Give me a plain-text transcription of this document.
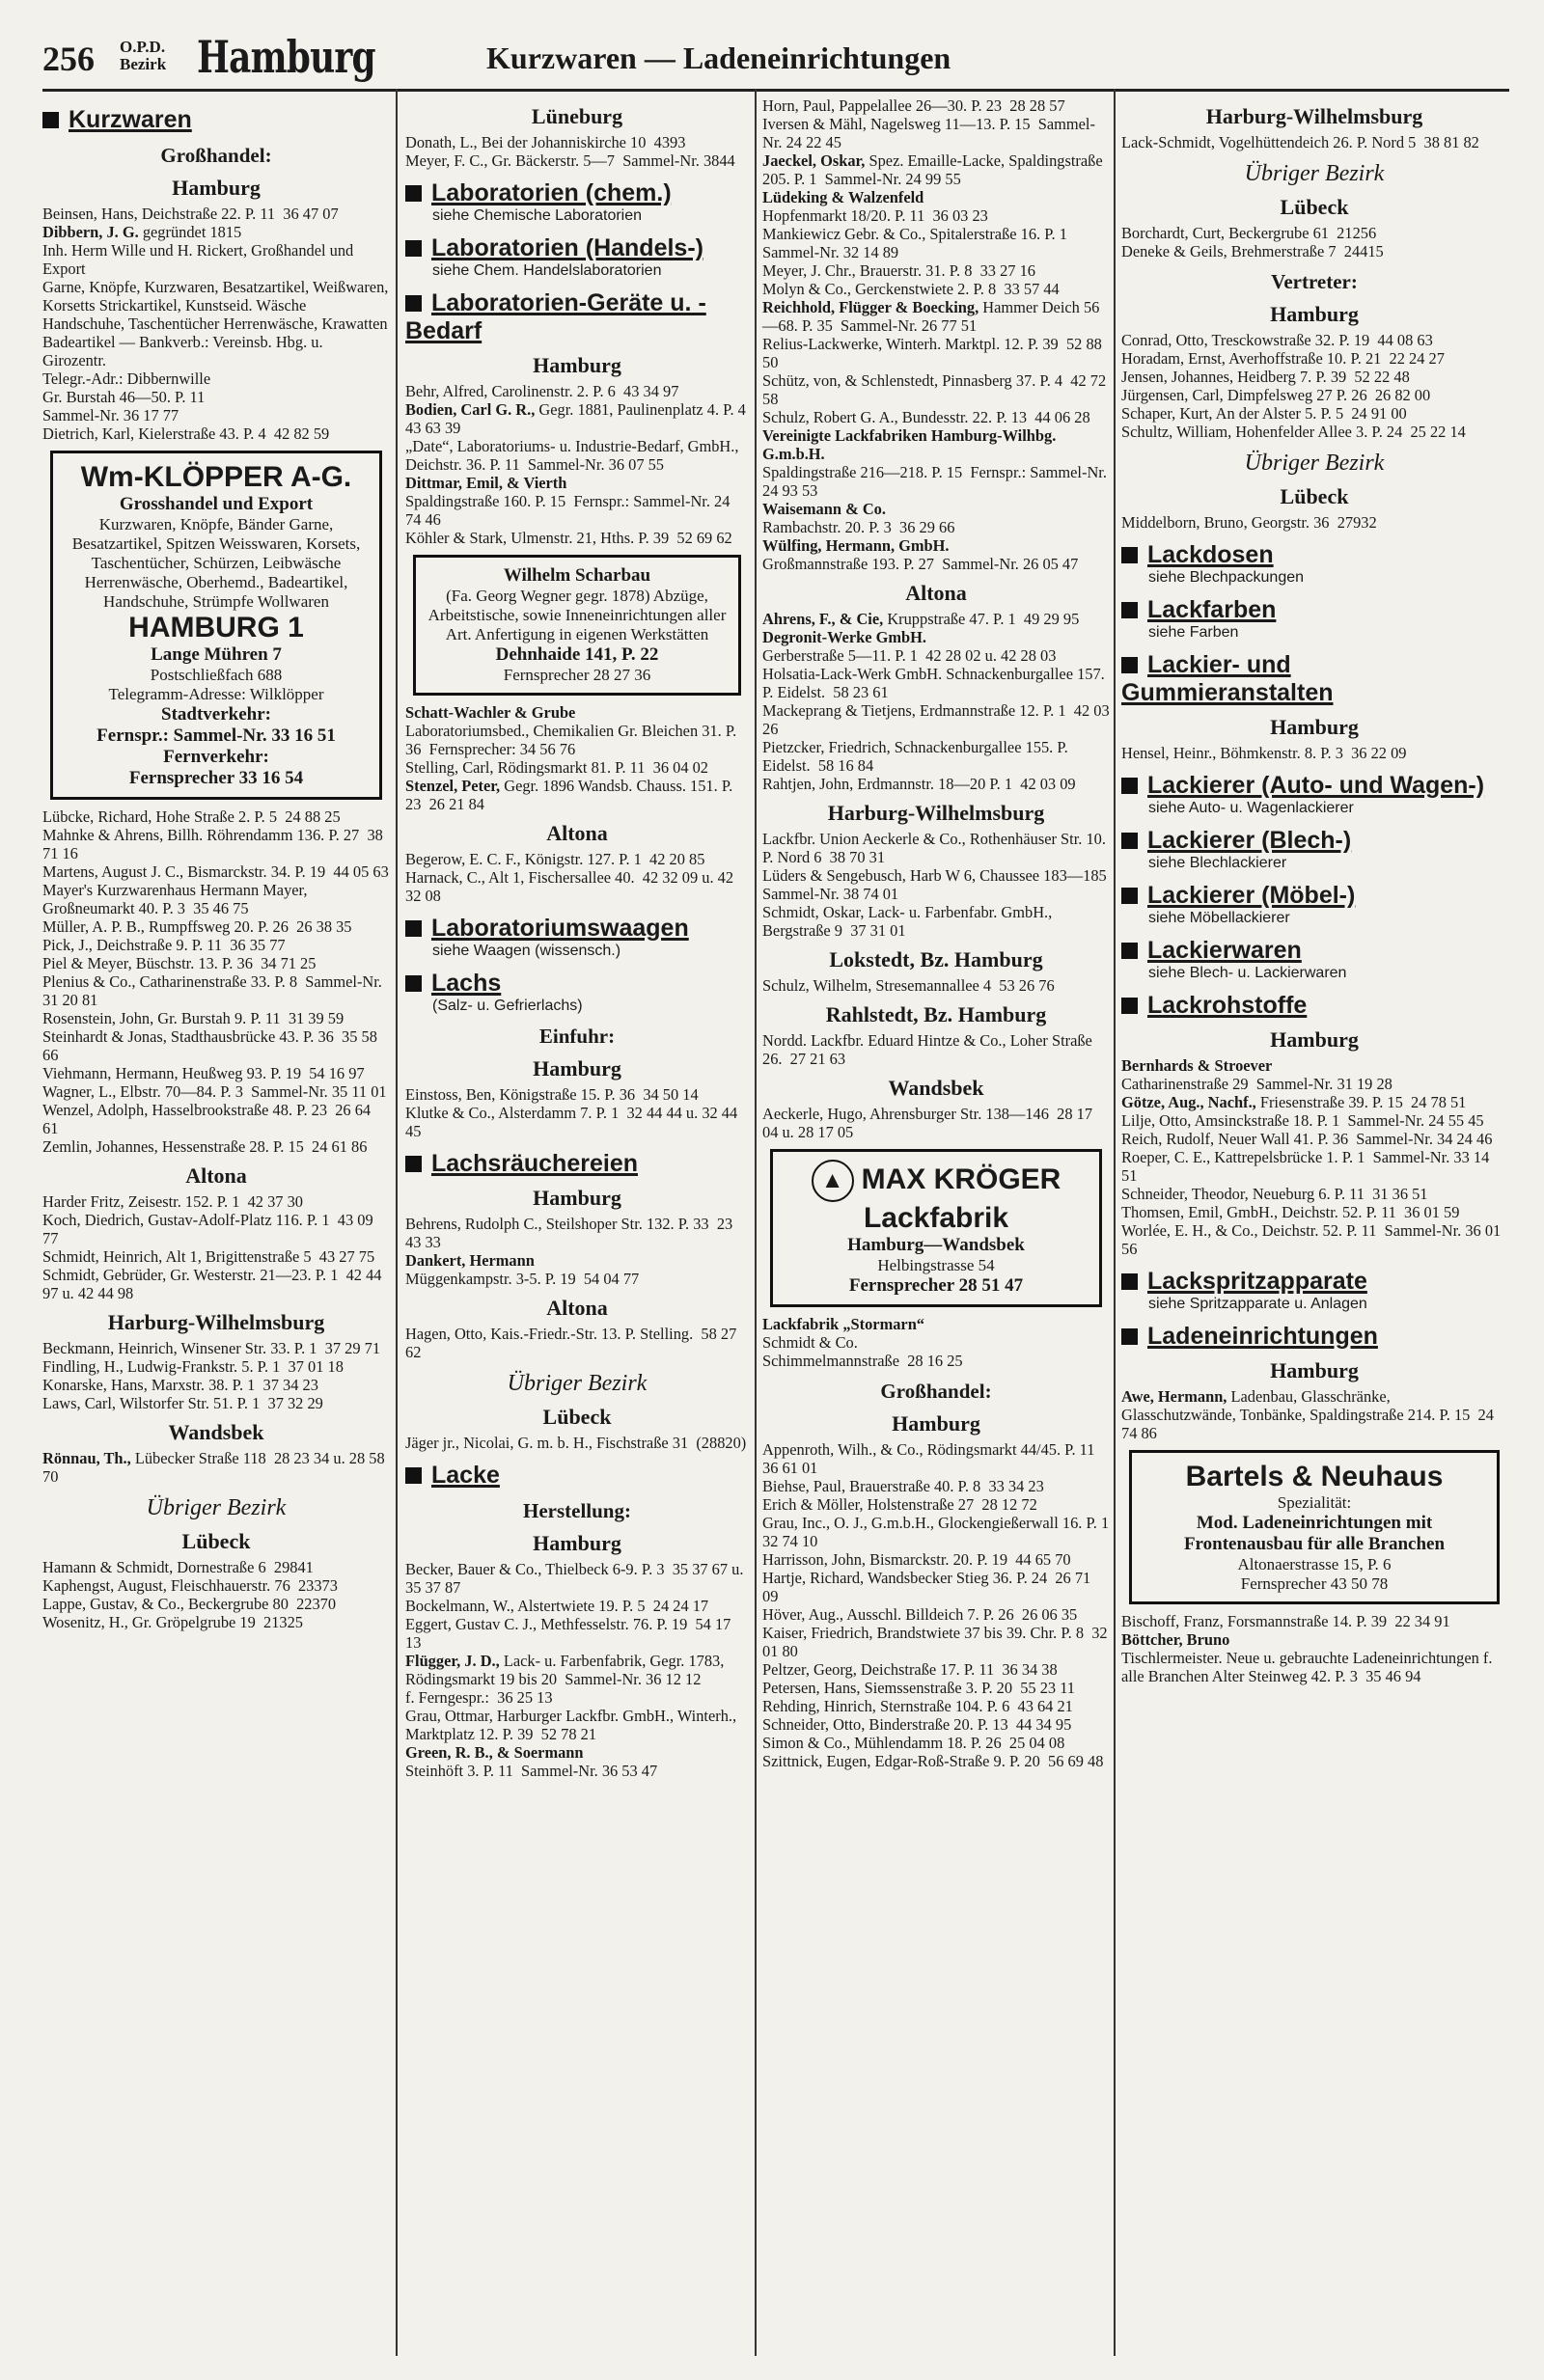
256 O.P.D.
Bezirk Hamburg	Kurzwaren — Ladeneinrichtungen
Kurzwaren
Großhandel:
Hamburg
Beinsen, Hans, Deichstraße 22. P. 11  36 47 07
Dibbern, J. G. gegründet 1815
Inh. Herm Wille und H. Rickert, Großhandel und Export
Garne, Knöpfe, Kurzwaren, Besatzartikel, Weißwaren, Korsetts Strickartikel, Kunstseid. Wäsche Handschuhe, Taschentücher Herrenwäsche, Krawatten Badeartikel — Bankverb.: Vereinsb. Hbg. u. Girozentr.
Telegr.-Adr.: Dibbernwille
Gr. Burstah 46—50. P. 11
Sammel-Nr. 36 17 77
Dietrich, Karl, Kielerstraße 43. P. 4  42 82 59
Wm-KLÖPPER A-G.
Grosshandel und Export
Kurzwaren, Knöpfe, Bänder Garne, Besatzartikel, Spitzen Weisswaren, Korsets, Taschentücher, Schürzen, Leibwäsche Herrenwäsche, Oberhemd., Badeartikel, Handschuhe, Strümpfe Wollwaren
HAMBURG 1
Lange Mühren 7
Postschließfach 688
Telegramm-Adresse: Wilklöpper
Stadtverkehr:
Fernspr.: Sammel-Nr. 33 16 51
Fernverkehr:
Fernsprecher 33 16 54
Lübcke, Richard, Hohe Straße 2. P. 5  24 88 25
Mahnke & Ahrens, Billh. Röhrendamm 136. P. 27  38 71 16
Martens, August J. C., Bismarckstr. 34. P. 19  44 05 63
Mayer's Kurzwarenhaus Hermann Mayer, Großneumarkt 40. P. 3  35 46 75
Müller, A. P. B., Rumpffsweg 20. P. 26  26 38 35
Pick, J., Deichstraße 9. P. 11  36 35 77
Piel & Meyer, Büschstr. 13. P. 36  34 71 25
Plenius & Co., Catharinenstraße 33. P. 8  Sammel-Nr. 31 20 81
Rosenstein, John, Gr. Burstah 9. P. 11  31 39 59
Steinhardt & Jonas, Stadthausbrücke 43. P. 36  35 58 66
Viehmann, Hermann, Heußweg 93. P. 19  54 16 97
Wagner, L., Elbstr. 70—84. P. 3  Sammel-Nr. 35 11 01
Wenzel, Adolph, Hasselbrookstraße 48. P. 23  26 64 61
Zemlin, Johannes, Hessenstraße 28. P. 15  24 61 86
Altona
Harder Fritz, Zeisestr. 152. P. 1  42 37 30
Koch, Diedrich, Gustav-Adolf-Platz 116. P. 1  43 09 77
Schmidt, Heinrich, Alt 1, Brigittenstraße 5  43 27 75
Schmidt, Gebrüder, Gr. Westerstr. 21—23. P. 1  42 44 97 u. 42 44 98
Harburg-Wilhelmsburg
Beckmann, Heinrich, Winsener Str. 33. P. 1  37 29 71
Findling, H., Ludwig-Frankstr. 5. P. 1  37 01 18
Konarske, Hans, Marxstr. 38. P. 1  37 34 23
Laws, Carl, Wilstorfer Str. 51. P. 1  37 32 29
Wandsbek
Rönnau, Th., Lübecker Straße 118  28 23 34 u. 28 58 70
Übriger Bezirk
Lübeck
Hamann & Schmidt, Dornestraße 6  29841
Kaphengst, August, Fleischhauerstr. 76  23373
Lappe, Gustav, & Co., Beckergrube 80  22370
Wosenitz, H., Gr. Gröpelgrube 19  21325
Lüneburg
Donath, L., Bei der Johanniskirche 10  4393
Meyer, F. C., Gr. Bäckerstr. 5—7  Sammel-Nr. 3844
Laboratorien (chem.)
siehe Chemische Laboratorien
Laboratorien (Handels-)
siehe Chem. Handelslaboratorien
Laboratorien-Geräte u. -Bedarf
Hamburg
Behr, Alfred, Carolinenstr. 2. P. 6  43 34 97
Bodien, Carl G. R., Gegr. 1881, Paulinenplatz 4. P. 4  43 63 39
„Date“, Laboratoriums- u. Industrie-Bedarf, GmbH., Deichstr. 36. P. 11  Sammel-Nr. 36 07 55
Dittmar, Emil, & Vierth
Spaldingstraße 160. P. 15  Fernspr.: Sammel-Nr. 24 74 46
Köhler & Stark, Ulmenstr. 21, Hths. P. 39  52 69 62
Wilhelm Scharbau
(Fa. Georg Wegner gegr. 1878) Abzüge, Arbeitstische, sowie Inneneinrichtungen aller Art. Anfertigung in eigenen Werkstätten
Dehnhaide 141, P. 22
Fernsprecher 28 27 36
Schatt-Wachler & Grube
Laboratoriumsbed., Chemikalien Gr. Bleichen 31. P. 36  Fernsprecher: 34 56 76
Stelling, Carl, Rödingsmarkt 81. P. 11  36 04 02
Stenzel, Peter, Gegr. 1896 Wandsb. Chauss. 151. P. 23  26 21 84
Altona
Begerow, E. C. F., Königstr. 127. P. 1  42 20 85
Harnack, C., Alt 1, Fischersallee 40.  42 32 09 u. 42 32 08
Laboratoriumswaagen
siehe Waagen (wissensch.)
Lachs
(Salz- u. Gefrierlachs)
Einfuhr:
Hamburg
Einstoss, Ben, Königstraße 15. P. 36  34 50 14
Klutke & Co., Alsterdamm 7. P. 1  32 44 44 u. 32 44 45
Lachsräuchereien
Hamburg
Behrens, Rudolph C., Steilshoper Str. 132. P. 33  23 43 33
Dankert, Hermann
Müggenkampstr. 3-5. P. 19  54 04 77
Altona
Hagen, Otto, Kais.-Friedr.-Str. 13. P. Stelling.  58 27 62
Übriger Bezirk
Lübeck
Jäger jr., Nicolai, G. m. b. H., Fischstraße 31  (28820)
Lacke
Herstellung:
Hamburg
Becker, Bauer & Co., Thielbeck 6-9. P. 3  35 37 67 u. 35 37 87
Bockelmann, W., Alstertwiete 19. P. 5  24 24 17
Eggert, Gustav C. J., Methfesselstr. 76. P. 19  54 17 13
Flügger, J. D., Lack- u. Farbenfabrik, Gegr. 1783, Rödingsmarkt 19 bis 20  Sammel-Nr. 36 12 12
f. Ferngespr.:  36 25 13
Grau, Ottmar, Harburger Lackfbr. GmbH., Winterh., Marktplatz 12. P. 39  52 78 21
Green, R. B., & Soermann
Steinhöft 3. P. 11  Sammel-Nr. 36 53 47
Horn, Paul, Pappelallee 26—30. P. 23  28 28 57
Iversen & Mähl, Nagelsweg 11—13. P. 15  Sammel-Nr. 24 22 45
Jaeckel, Oskar, Spez. Emaille-Lacke, Spaldingstraße 205. P. 1  Sammel-Nr. 24 99 55
Lüdeking & Walzenfeld
Hopfenmarkt 18/20. P. 11  36 03 23
Mankiewicz Gebr. & Co., Spitalerstraße 16. P. 1 Sammel-Nr. 32 14 89
Meyer, J. Chr., Brauerstr. 31. P. 8  33 27 16
Molyn & Co., Gerckenstwiete 2. P. 8  33 57 44
Reichhold, Flügger & Boecking, Hammer Deich 56—68. P. 35  Sammel-Nr. 26 77 51
Relius-Lackwerke, Winterh. Marktpl. 12. P. 39  52 88 50
Schütz, von, & Schlenstedt, Pinnasberg 37. P. 4  42 72 58
Schulz, Robert G. A., Bundesstr. 22. P. 13  44 06 28
Vereinigte Lackfabriken Hamburg-Wilhbg. G.m.b.H.
Spaldingstraße 216—218. P. 15  Fernspr.: Sammel-Nr. 24 93 53
Waisemann & Co.
Rambachstr. 20. P. 3  36 29 66
Wülfing, Hermann, GmbH.
Großmannstraße 193. P. 27  Sammel-Nr. 26 05 47
Altona
Ahrens, F., & Cie, Kruppstraße 47. P. 1  49 29 95
Degronit-Werke GmbH.
Gerberstraße 5—11. P. 1  42 28 02 u. 42 28 03
Holsatia-Lack-Werk GmbH. Schnackenburgallee 157. P. Eidelst.  58 23 61
Mackeprang & Tietjens, Erdmannstraße 12. P. 1  42 03 26
Pietzcker, Friedrich, Schnackenburgallee 155. P. Eidelst.  58 16 84
Rahtjen, John, Erdmannstr. 18—20 P. 1  42 03 09
Harburg-Wilhelmsburg
Lackfbr. Union Aeckerle & Co., Rothenhäuser Str. 10. P. Nord 6  38 70 31
Lüders & Sengebusch, Harb W 6, Chaussee 183—185  Sammel-Nr. 38 74 01
Schmidt, Oskar, Lack- u. Farbenfabr. GmbH., Bergstraße 9  37 31 01
Lokstedt, Bz. Hamburg
Schulz, Wilhelm, Stresemannallee 4  53 26 76
Rahlstedt, Bz. Hamburg
Nordd. Lackfbr. Eduard Hintze & Co., Loher Straße 26.  27 21 63
Wandsbek
Aeckerle, Hugo, Ahrensburger Str. 138—146  28 17 04 u. 28 17 05
▲ MAX KRÖGER
Lackfabrik
Hamburg—Wandsbek
Helbingstrasse 54
Fernsprecher 28 51 47
Lackfabrik „Stormarn“
Schmidt & Co.
Schimmelmannstraße  28 16 25
Großhandel:
Hamburg
Appenroth, Wilh., & Co., Rödingsmarkt 44/45. P. 11  36 61 01
Biehse, Paul, Brauerstraße 40. P. 8  33 34 23
Erich & Möller, Holstenstraße 27  28 12 72
Grau, Inc., O. J., G.m.b.H., Glockengießerwall 16. P. 1  32 74 10
Harrisson, John, Bismarckstr. 20. P. 19  44 65 70
Hartje, Richard, Wandsbecker Stieg 36. P. 24  26 71 09
Höver, Aug., Ausschl. Billdeich 7. P. 26  26 06 35
Kaiser, Friedrich, Brandstwiete 37 bis 39. Chr. P. 8  32 01 80
Peltzer, Georg, Deichstraße 17. P. 11  36 34 38
Petersen, Hans, Siemssenstraße 3. P. 20  55 23 11
Rehding, Hinrich, Sternstraße 104. P. 6  43 64 21
Schneider, Otto, Binderstraße 20. P. 13  44 34 95
Simon & Co., Mühlendamm 18. P. 26  25 04 08
Szittnick, Eugen, Edgar-Roß-Straße 9. P. 20  56 69 48
Harburg-Wilhelmsburg
Lack-Schmidt, Vogelhüttendeich 26. P. Nord 5  38 81 82
Übriger Bezirk
Lübeck
Borchardt, Curt, Beckergrube 61  21256
Deneke & Geils, Brehmerstraße 7  24415
Vertreter:
Hamburg
Conrad, Otto, Tresckowstraße 32. P. 19  44 08 63
Horadam, Ernst, Averhoffstraße 10. P. 21  22 24 27
Jensen, Johannes, Heidberg 7. P. 39  52 22 48
Jürgensen, Carl, Dimpfelsweg 27 P. 26  26 82 00
Schaper, Kurt, An der Alster 5. P. 5  24 91 00
Schultz, William, Hohenfelder Allee 3. P. 24  25 22 14
Übriger Bezirk
Lübeck
Middelborn, Bruno, Georgstr. 36  27932
Lackdosen
siehe Blechpackungen
Lackfarben
siehe Farben
Lackier- und Gummieranstalten
Hamburg
Hensel, Heinr., Böhmkenstr. 8. P. 3  36 22 09
Lackierer (Auto- und Wagen-)
siehe Auto- u. Wagenlackierer
Lackierer (Blech-)
siehe Blechlackierer
Lackierer (Möbel-)
siehe Möbellackierer
Lackierwaren
siehe Blech- u. Lackierwaren
Lackrohstoffe
Hamburg
Bernhards & Stroever
Catharinenstraße 29  Sammel-Nr. 31 19 28
Götze, Aug., Nachf., Friesenstraße 39. P. 15  24 78 51
Lilje, Otto, Amsinckstraße 18. P. 1  Sammel-Nr. 24 55 45
Reich, Rudolf, Neuer Wall 41. P. 36  Sammel-Nr. 34 24 46
Roeper, C. E., Kattrepelsbrücke 1. P. 1  Sammel-Nr. 33 14 51
Schneider, Theodor, Neueburg 6. P. 11  31 36 51
Thomsen, Emil, GmbH., Deichstr. 52. P. 11  36 01 59
Worlée, E. H., & Co., Deichstr. 52. P. 11  Sammel-Nr. 36 01 56
Lackspritzapparate
siehe Spritzapparate u. Anlagen
Ladeneinrichtungen
Hamburg
Awe, Hermann, Ladenbau, Glasschränke, Glasschutzwände, Tonbänke, Spaldingstraße 214. P. 15  24 74 86
Bartels & Neuhaus
Spezialität:
Mod. Ladeneinrichtungen mit Frontenausbau für alle Branchen
Altonaerstrasse 15, P. 6
Fernsprecher 43 50 78
Bischoff, Franz, Forsmannstraße 14. P. 39  22 34 91
Böttcher, Bruno
Tischlermeister. Neue u. gebrauchte Ladeneinrichtungen f. alle Branchen Alter Steinweg 42. P. 3  35 46 94
